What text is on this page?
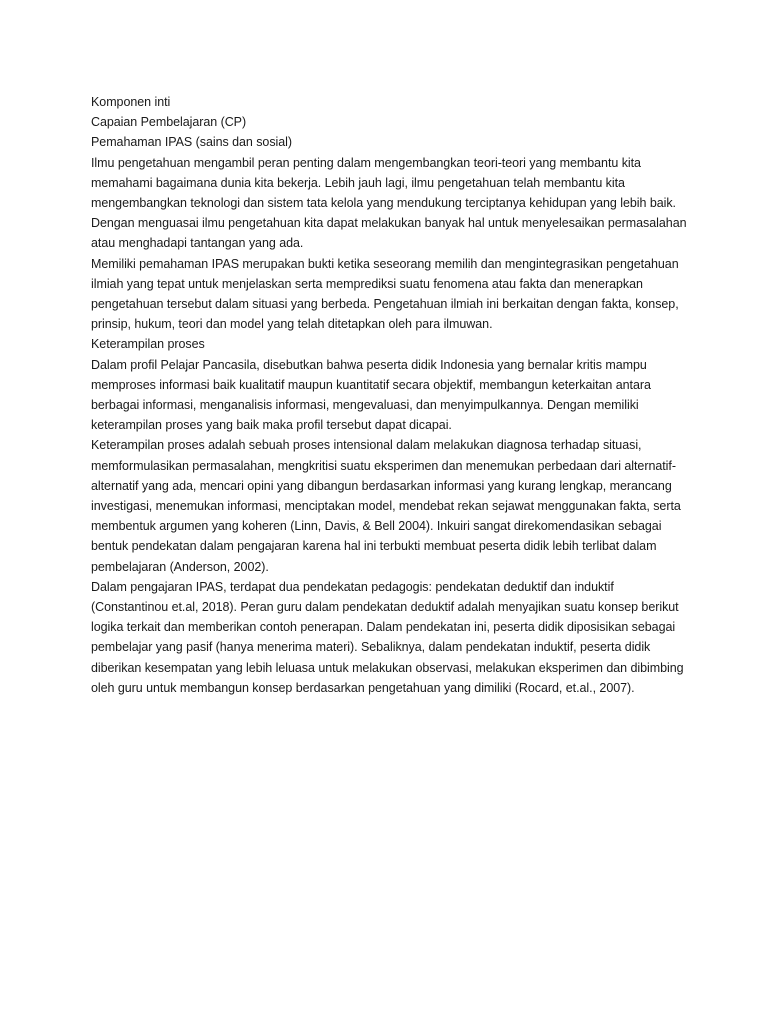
Komponen inti

Capaian Pembelajaran (CP)

Pemahaman IPAS (sains dan sosial)

Ilmu pengetahuan mengambil peran penting dalam mengembangkan teori-teori yang membantu kita memahami bagaimana dunia kita bekerja. Lebih jauh lagi, ilmu pengetahuan telah membantu kita mengembangkan teknologi dan sistem tata kelola yang mendukung terciptanya kehidupan yang lebih baik. Dengan menguasai ilmu pengetahuan kita dapat melakukan banyak hal untuk menyelesaikan permasalahan atau menghadapi tantangan yang ada.

Memiliki pemahaman IPAS merupakan bukti ketika seseorang memilih dan mengintegrasikan pengetahuan ilmiah yang tepat untuk menjelaskan serta memprediksi suatu fenomena atau fakta dan menerapkan pengetahuan tersebut dalam situasi yang berbeda. Pengetahuan ilmiah ini berkaitan dengan fakta, konsep, prinsip, hukum, teori dan model yang telah ditetapkan oleh para ilmuwan.

Keterampilan proses

Dalam profil Pelajar Pancasila, disebutkan bahwa peserta didik Indonesia yang bernalar kritis mampu memproses informasi baik kualitatif maupun kuantitatif secara objektif, membangun keterkaitan antara berbagai informasi, menganalisis informasi, mengevaluasi, dan menyimpulkannya. Dengan memiliki keterampilan proses yang baik maka profil tersebut dapat dicapai.

Keterampilan proses adalah sebuah proses intensional dalam melakukan diagnosa terhadap situasi, memformulasikan permasalahan, mengkritisi suatu eksperimen dan menemukan perbedaan dari alternatif- alternatif yang ada, mencari opini yang dibangun berdasarkan informasi yang kurang lengkap, merancang investigasi, menemukan informasi, menciptakan model, mendebat rekan sejawat menggunakan fakta, serta membentuk argumen yang koheren (Linn, Davis, & Bell 2004). Inkuiri sangat direkomendasikan sebagai bentuk pendekatan dalam pengajaran karena hal ini terbukti membuat peserta didik lebih terlibat dalam pembelajaran (Anderson, 2002).

Dalam pengajaran IPAS, terdapat dua pendekatan pedagogis: pendekatan deduktif dan induktif (Constantinou et.al, 2018). Peran guru dalam pendekatan deduktif adalah menyajikan suatu konsep berikut logika terkait dan memberikan contoh penerapan. Dalam pendekatan ini, peserta didik diposisikan sebagai pembelajar yang pasif (hanya menerima materi). Sebaliknya, dalam pendekatan induktif, peserta didik diberikan kesempatan yang lebih leluasa untuk melakukan observasi, melakukan eksperimen dan dibimbing oleh guru untuk membangun konsep berdasarkan pengetahuan yang dimiliki (Rocard, et.al., 2007).
